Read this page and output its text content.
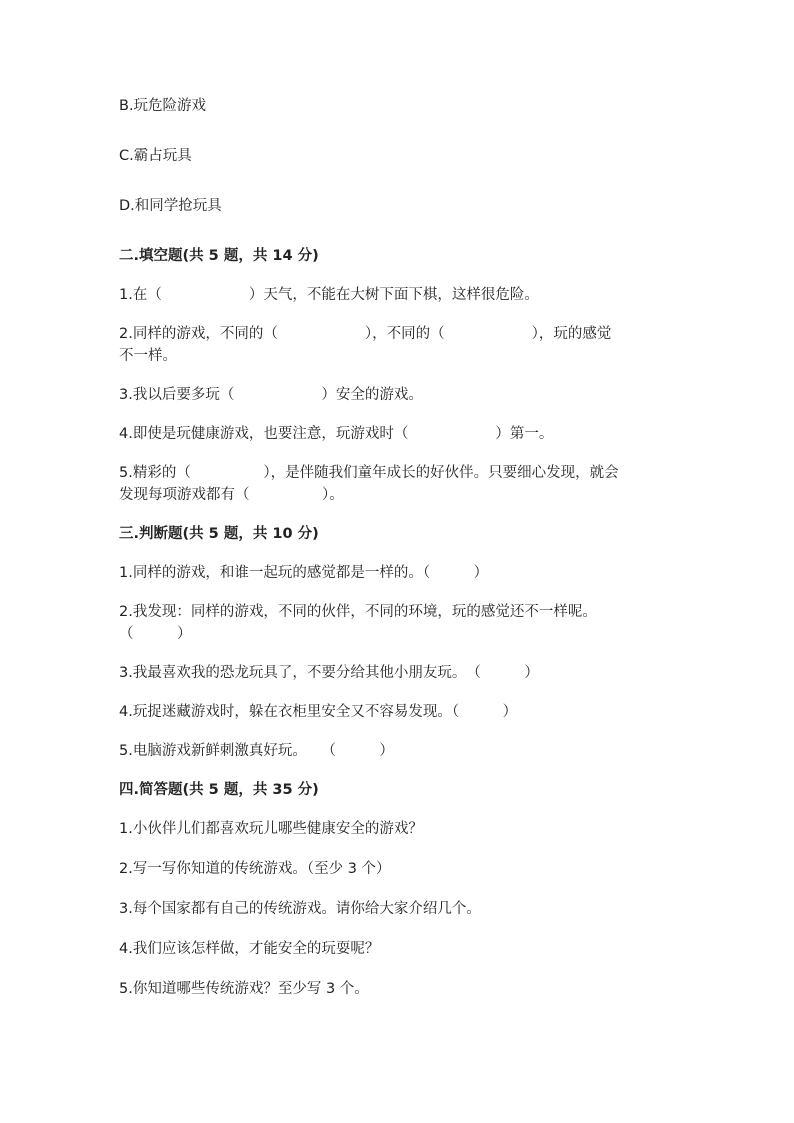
B.玩危险游戏

C.霸占玩具

D.和同学抢玩具

二.填空题(共 5 题，共 14 分)

1.在（　　　　　　）天气，不能在大树下面下棋，这样很危险。

2.同样的游戏，不同的（　　　　　　），不同的（　　　　　　），玩的感觉

不一样。

3.我以后要多玩（　　　　　　）安全的游戏。

4.即使是玩健康游戏，也要注意，玩游戏时（　　　　　　）第一。

5.精彩的（　　　　　），是伴随我们童年成长的好伙伴。只要细心发现，就会

发现每项游戏都有（　　　　　）。

三.判断题(共 5 题，共 10 分)

1.同样的游戏，和谁一起玩的感觉都是一样的。（　　　）

2.我发现：同样的游戏，不同的伙伴，不同的环境，玩的感觉还不一样呢。

（　　　）

3.我最喜欢我的恐龙玩具了，不要分给其他小朋友玩。　（　　　）

4.玩捉迷藏游戏时，躲在衣柜里安全又不容易发现。（　　　）

5.电脑游戏新鲜刺激真好玩。　　（　　　）

四.简答题(共 5 题，共 35 分)

1.小伙伴儿们都喜欢玩儿哪些健康安全的游戏？

2.写一写你知道的传统游戏。（至少 3 个）

3.每个国家都有自己的传统游戏。请你给大家介绍几个。

4.我们应该怎样做，才能安全的玩耍呢？

5.你知道哪些传统游戏？至少写 3 个。
